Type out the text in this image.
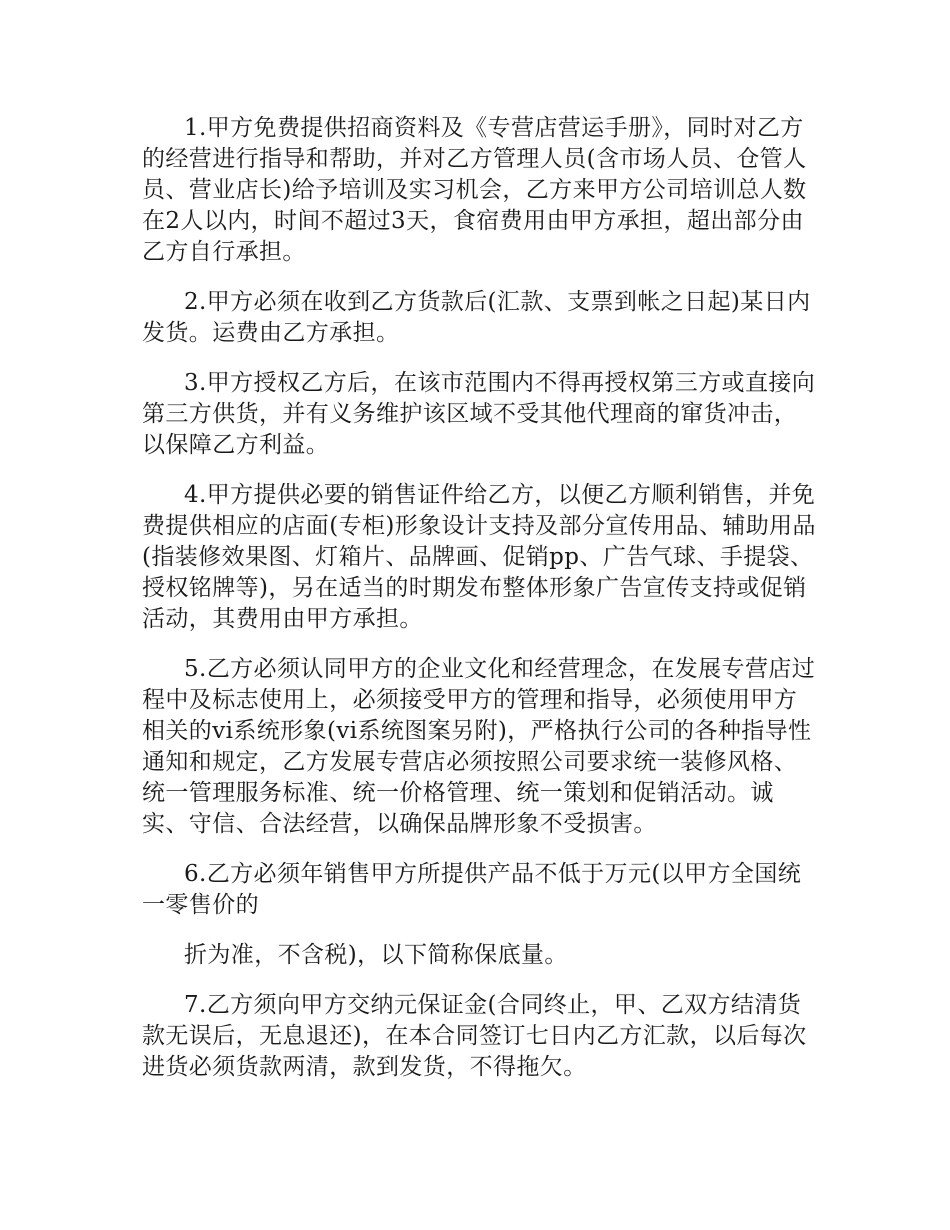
1.甲方免费提供招商资料及《专营店营运手册》，同时对乙方的经营进行指导和帮助，并对乙方管理人员(含市场人员、仓管人员、营业店长)给予培训及实习机会，乙方来甲方公司培训总人数在2人以内，时间不超过3天，食宿费用由甲方承担，超出部分由乙方自行承担。

2.甲方必须在收到乙方货款后(汇款、支票到帐之日起)某日内发货。运费由乙方承担。

3.甲方授权乙方后，在该市范围内不得再授权第三方或直接向第三方供货，并有义务维护该区域不受其他代理商的窜货冲击，以保障乙方利益。

4.甲方提供必要的销售证件给乙方，以便乙方顺利销售，并免费提供相应的店面(专柜)形象设计支持及部分宣传用品、辅助用品(指装修效果图、灯箱片、品牌画、促销pp、广告气球、手提袋、授权铭牌等)，另在适当的时期发布整体形象广告宣传支持或促销活动，其费用由甲方承担。

5.乙方必须认同甲方的企业文化和经营理念，在发展专营店过程中及标志使用上，必须接受甲方的管理和指导，必须使用甲方相关的vi系统形象(vi系统图案另附)，严格执行公司的各种指导性通知和规定，乙方发展专营店必须按照公司要求统一装修风格、统一管理服务标准、统一价格管理、统一策划和促销活动。诚实、守信、合法经营，以确保品牌形象不受损害。

6.乙方必须年销售甲方所提供产品不低于万元(以甲方全国统一零售价的

折为准，不含税)，以下简称保底量。

7.乙方须向甲方交纳元保证金(合同终止，甲、乙双方结清货款无误后，无息退还)，在本合同签订七日内乙方汇款，以后每次进货必须货款两清，款到发货，不得拖欠。
